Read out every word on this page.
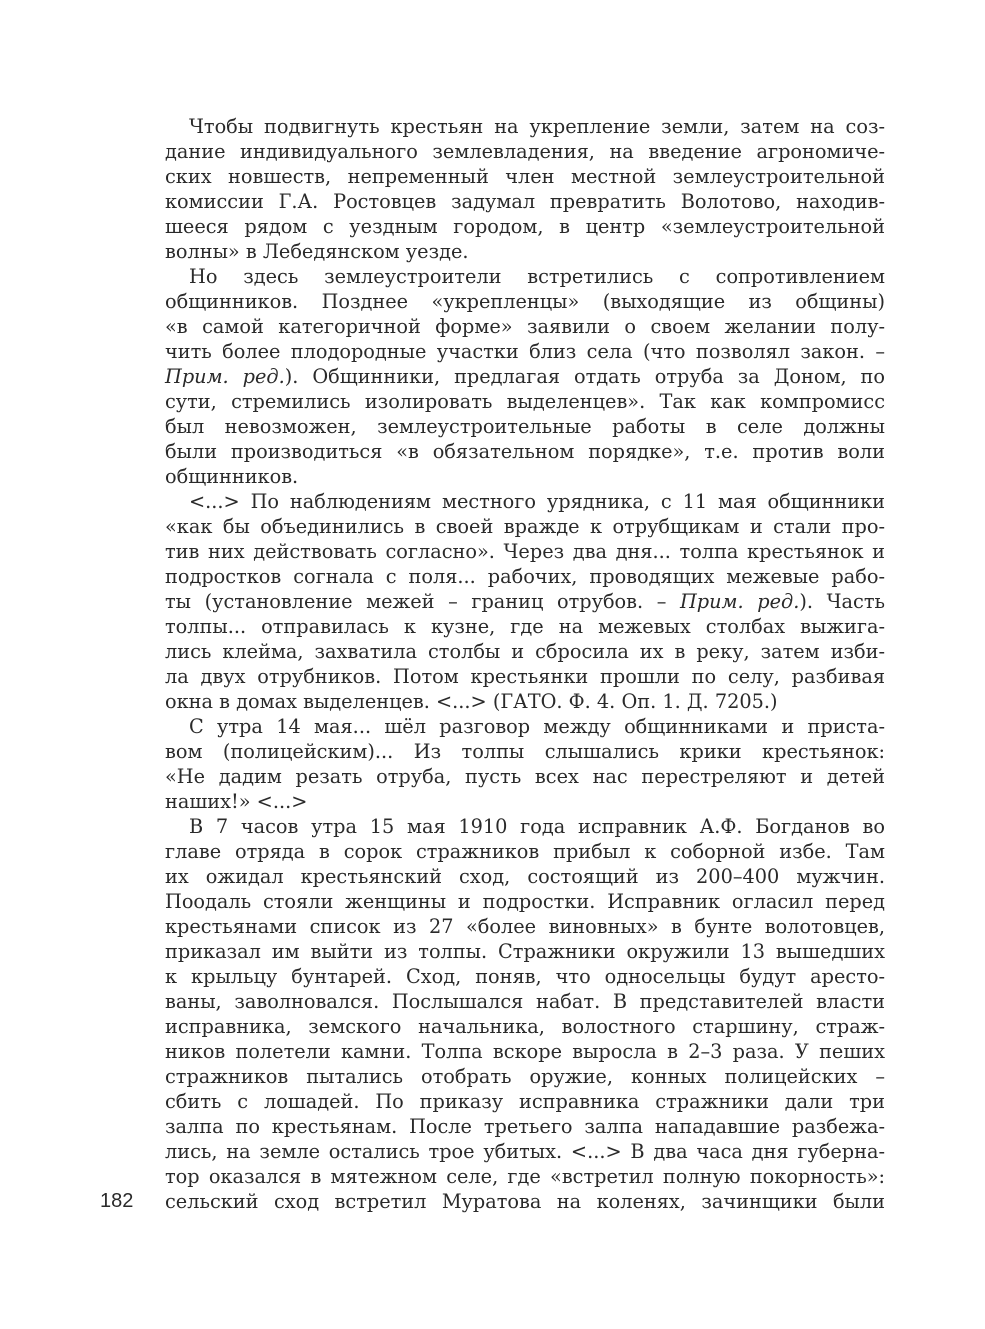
Чтобы подвигнуть крестьян на укрепление земли, затем на соз-
дание индивидуального землевладения, на введение агрономиче-
ских новшеств, непременный член местной землеустроительной
комиссии Г.А. Ростовцев задумал превратить Волотово, находив-
шееся рядом с уездным городом, в центр «землеустроительной
волны» в Лебедянском уезде.
Но здесь землеустроители встретились с сопротивлением
общинников. Позднее «укрепленцы» (выходящие из общины)
«в самой категоричной форме» заявили о своем желании полу-
чить более плодородные участки близ села (что позволял закон. –
Прим. ред.). Общинники, предлагая отдать отруба за Доном, по
сути, стремились изолировать выделенцев». Так как компромисс
был невозможен, землеустроительные работы в селе должны
были производиться «в обязательном порядке», т.е. против воли
общинников.
<...> По наблюдениям местного урядника, с 11 мая общинники
«как бы объединились в своей вражде к отрубщикам и стали про-
тив них действовать согласно». Через два дня... толпа крестьянок и
подростков согнала с поля... рабочих, проводящих межевые рабо-
ты (установление межей – границ отрубов. – Прим. ред.). Часть
толпы... отправилась к кузне, где на межевых столбах выжига-
лись клейма, захватила столбы и сбросила их в реку, затем изби-
ла двух отрубников. Потом крестьянки прошли по селу, разбивая
окна в домах выделенцев. <...> (ГАТО. Ф. 4. Оп. 1. Д. 7205.)
С утра 14 мая... шёл разговор между общинниками и приста-
вом (полицейским)... Из толпы слышались крики крестьянок:
«Не дадим резать отруба, пусть всех нас перестреляют и детей
наших!» <...>
В 7 часов утра 15 мая 1910 года исправник А.Ф. Богданов во
главе отряда в сорок стражников прибыл к соборной избе. Там
их ожидал крестьянский сход, состоящий из 200–400 мужчин.
Поодаль стояли женщины и подростки. Исправник огласил перед
крестьянами список из 27 «более виновных» в бунте волотовцев,
приказал им выйти из толпы. Стражники окружили 13 вышедших
к крыльцу бунтарей. Сход, поняв, что односельцы будут аресто-
ваны, заволновался. Послышался набат. В представителей власти
исправника, земского начальника, волостного старшину, страж-
ников полетели камни. Толпа вскоре выросла в 2–3 раза. У пеших
стражников пытались отобрать оружие, конных полицейских –
сбить с лошадей. По приказу исправника стражники дали три
залпа по крестьянам. После третьего залпа нападавшие разбежа-
лись, на земле остались трое убитых. <...> В два часа дня губерна-
тор оказался в мятежном селе, где «встретил полную покорность»:
сельский сход встретил Муратова на коленях, зачинщики были
182
